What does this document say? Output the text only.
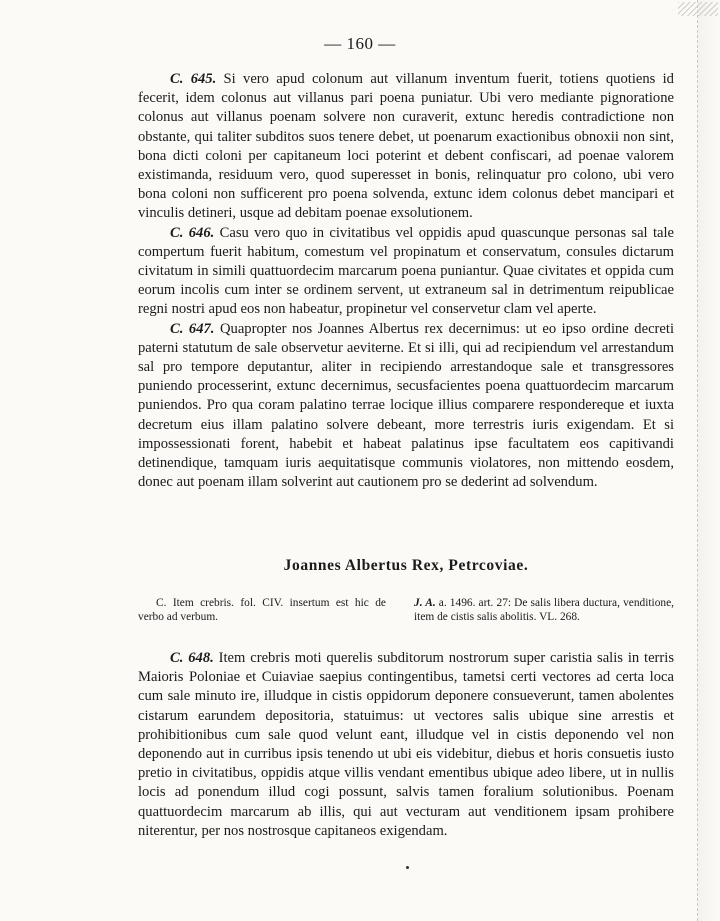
— 160 —

C. 645. Si vero apud colonum aut villanum inventum fuerit, totiens quotiens id fecerit, idem colonus aut villanus pari poena puniatur. Ubi vero mediante pignoratione colonus aut villanus poenam solvere non curaverit, extunc heredis contradictione non obstante, qui taliter subditos suos tenere debet, ut poenarum exactionibus obnoxii non sint, bona dicti coloni per capitaneum loci poterint et debent confiscari, ad poenae valorem existimanda, residuum vero, quod superesset in bonis, relinquatur pro colono, ubi vero bona coloni non sufficerent pro poena solvenda, extunc idem colonus debet mancipari et vinculis detineri, usque ad debitam poenae exsolutionem.

C. 646. Casu vero quo in civitatibus vel oppidis apud quascunque personas sal tale compertum fuerit habitum, comestum vel propinatum et conservatum, consules dictarum civitatum in simili quattuordecim marcarum poena puniantur. Quae civitates et oppida cum eorum incolis cum inter se ordinem servent, ut extraneum sal in detrimentum reipublicae regni nostri apud eos non habeatur, propinetur vel conservetur clam vel aperte.

C. 647. Quapropter nos Joannes Albertus rex decernimus: ut eo ipso ordine decreti paterni statutum de sale observetur aeviterne. Et si illi, qui ad recipiendum vel arrestandum sal pro tempore deputantur, aliter in recipiendo arrestandoque sale et transgressores puniendo processerint, extunc decernimus, secusfacientes poena quattuordecim marcarum puniendos. Pro qua coram palatino terrae locique illius comparere respondereque et iuxta decretum eius illam palatino solvere debeant, more terrestris iuris exigendam. Et si impossessionati forent, habebit et habeat palatinus ipse facultatem eos capitivandi detinendique, tamquam iuris aequitatisque communis violatores, non mittendo eosdem, donec aut poenam illam solverint aut cautionem pro se dederint ad solvendum.

Joannes Albertus Rex, Petrcoviae.
C. Item crebris. fol. CIV. insertum est hic de verbo ad verbum.
J. A. a. 1496. art. 27: De salis libera ductura, venditione, item de cistis salis abolitis. VL. 268.

C. 648. Item crebris moti querelis subditorum nostrorum super caristia salis in terris Maioris Poloniae et Cuiaviae saepius contingentibus, tametsi certi vectores ad certa loca cum sale minuto ire, illudque in cistis oppidorum deponere consueverunt, tamen abolentes cistarum earundem depositoria, statuimus: ut vectores salis ubique sine arrestis et prohibitionibus cum sale quod velunt eant, illudque vel in cistis deponendo vel non deponendo aut in curribus ipsis tenendo ut ubi eis videbitur, diebus et horis consuetis iusto pretio in civitatibus, oppidis atque villis vendant ementibus ubique adeo libere, ut in nullis locis ad ponendum illud cogi possunt, salvis tamen foralium solutionibus. Poenam quattuordecim marcarum ab illis, qui aut vecturam aut venditionem ipsam prohibere niterentur, per nos nostrosque capitaneos exigendam.
